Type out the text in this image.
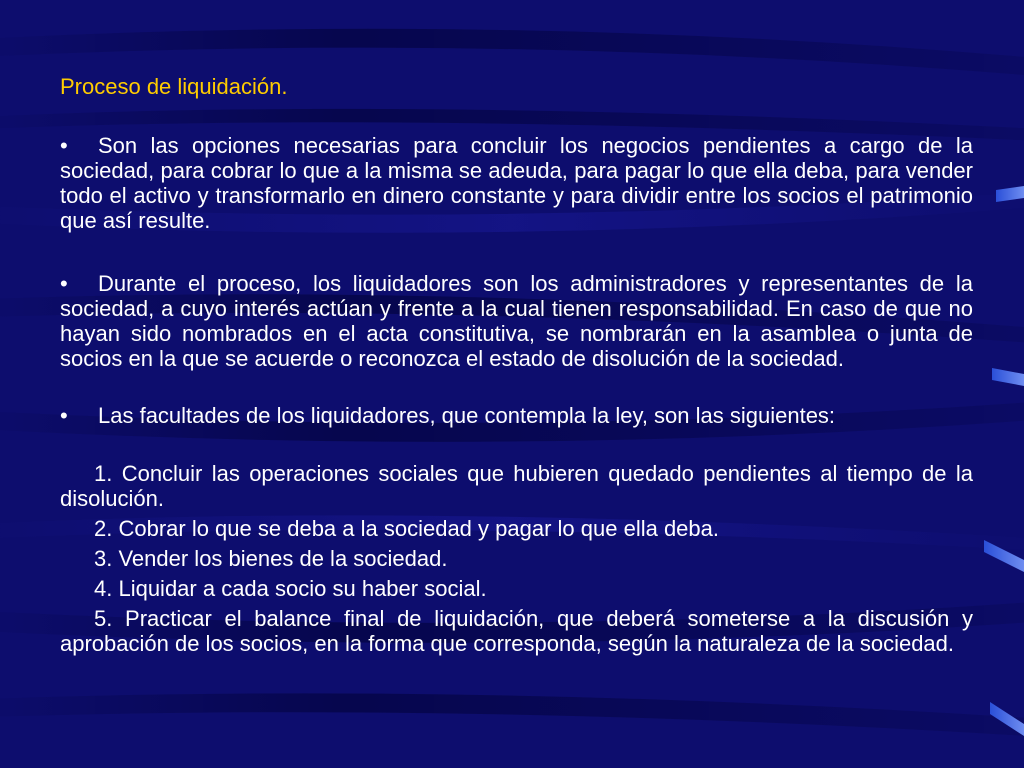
Proceso de liquidación.

• Son las opciones necesarias para concluir los negocios pendientes a cargo de la sociedad, para cobrar lo que a la misma se adeuda, para pagar lo que ella deba, para vender todo el activo y transformarlo en dinero constante y para dividir entre los socios el patrimonio que así resulte.

• Durante el proceso, los liquidadores son los administradores y representantes de la sociedad, a cuyo interés actúan y frente a la cual tienen responsabilidad. En caso de que no hayan sido nombrados en el acta constitutiva, se nombrarán en la asamblea o junta de socios en la que se acuerde o reconozca el estado de disolución de la sociedad.

• Las facultades de los liquidadores, que contempla la ley, son las siguientes:

1. Concluir las operaciones sociales que hubieren quedado pendientes al tiempo de la disolución.

2. Cobrar lo que se deba a la sociedad y pagar lo que ella deba.

3. Vender los bienes de la sociedad.

4. Liquidar a cada socio su haber social.

5. Practicar el balance final de liquidación, que deberá someterse a la discusión y aprobación de los socios, en la forma que corresponda, según la naturaleza de la sociedad.
